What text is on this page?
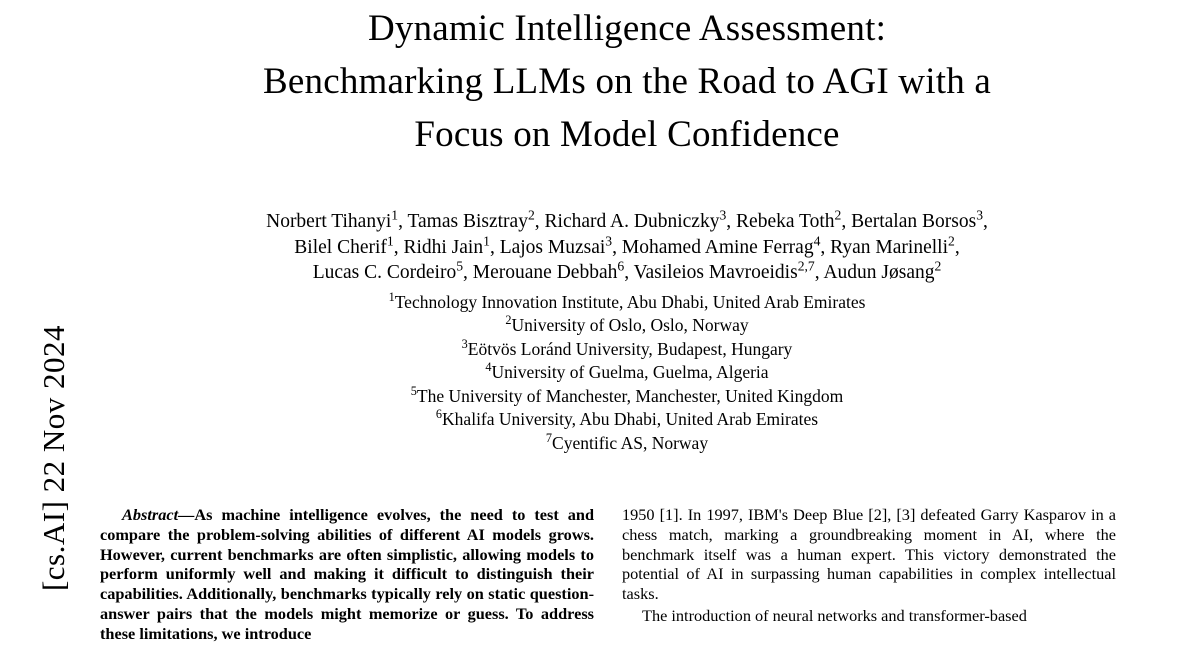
[cs.AI] 22 Nov 2024
Dynamic Intelligence Assessment:
Benchmarking LLMs on the Road to AGI with a
Focus on Model Confidence
Norbert Tihanyi$^1$, Tamas Bisztray$^2$, Richard A. Dubniczky$^3$, Rebeka Toth$^2$, Bertalan Borsos$^3$,
Bilel Cherif$^1$, Ridhi Jain$^1$, Lajos Muzsai$^3$, Mohamed Amine Ferrag$^4$, Ryan Marinelli$^2$,
Lucas C. Cordeiro$^5$, Merouane Debbah$^6$, Vasileios Mavroeidis$^{2,7}$, Audun Jøsang$^2$
$^1$Technology Innovation Institute, Abu Dhabi, United Arab Emirates
$^2$University of Oslo, Oslo, Norway
$^3$Eötvös Loránd University, Budapest, Hungary
$^4$University of Guelma, Guelma, Algeria
$^5$The University of Manchester, Manchester, United Kingdom
$^6$Khalifa University, Abu Dhabi, United Arab Emirates
$^7$Cyentific AS, Norway

Abstract—As machine intelligence evolves, the need to test and compare the problem-solving abilities of different AI models grows. However, current benchmarks are often simplistic, allowing models to perform uniformly well and making it difficult to distinguish their capabilities. Additionally, benchmarks typically rely on static question-answer pairs that the models might memorize or guess. To address these limitations, we introduce

1950 [1]. In 1997, IBM's Deep Blue [2], [3] defeated Garry Kasparov in a chess match, marking a groundbreaking moment in AI, where the benchmark itself was a human expert. This victory demonstrated the potential of AI in surpassing human capabilities in complex intellectual tasks.

The introduction of neural networks and transformer-based
